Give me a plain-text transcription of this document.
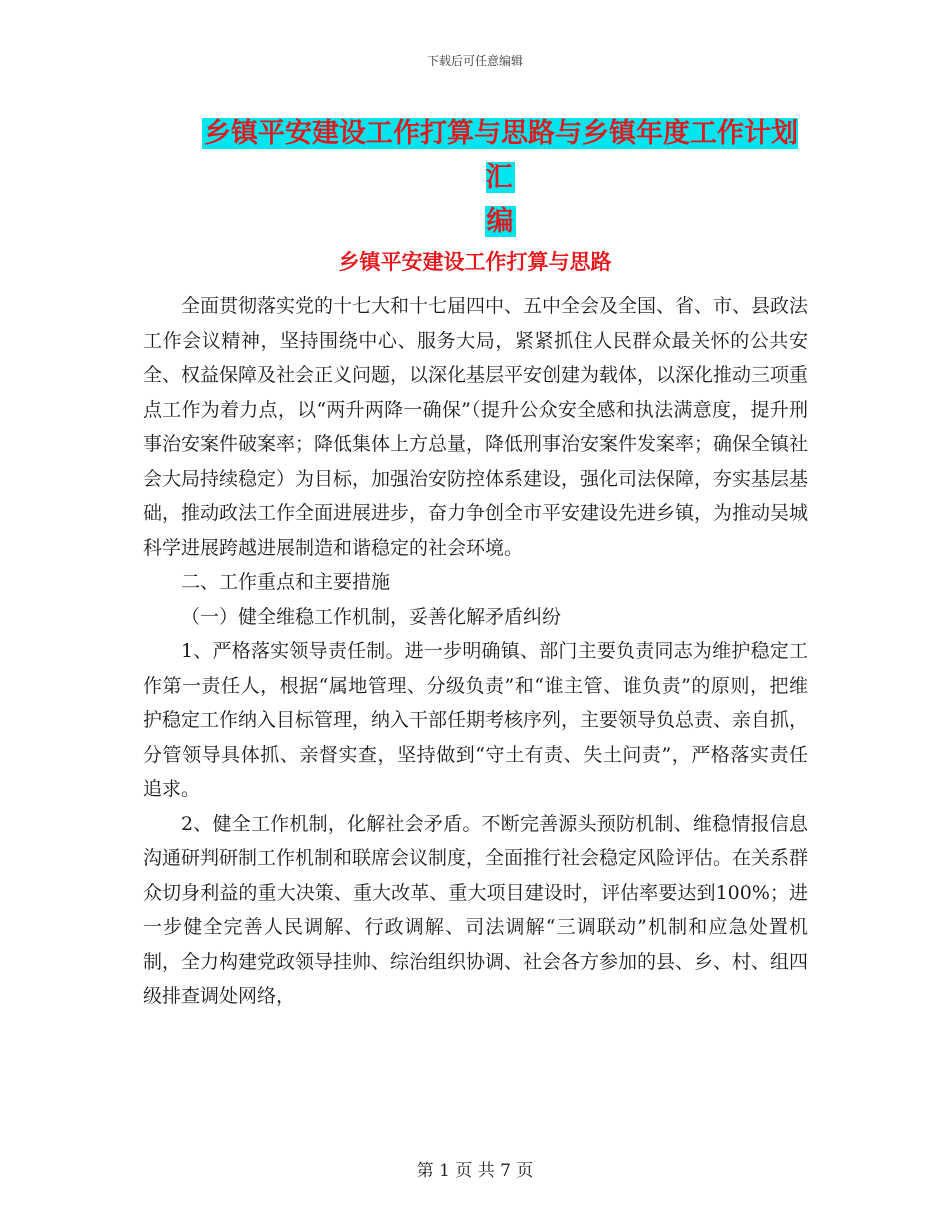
下载后可任意编辑
乡镇平安建设工作打算与思路与乡镇年度工作计划汇
编
乡镇平安建设工作打算与思路

全面贯彻落实党的十七大和十七届四中、五中全会及全国、省、市、县政法工作会议精神，坚持围绕中心、服务大局，紧紧抓住人民群众最关怀的公共安全、权益保障及社会正义问题，以深化基层平安创建为载体，以深化推动三项重点工作为着力点，以“两升两降一确保”（提升公众安全感和执法满意度，提升刑事治安案件破案率；降低集体上方总量，降低刑事治安案件发案率；确保全镇社会大局持续稳定）为目标，加强治安防控体系建设，强化司法保障，夯实基层基础，推动政法工作全面进展进步，奋力争创全市平安建设先进乡镇，为推动吴城科学进展跨越进展制造和谐稳定的社会环境。

二、工作重点和主要措施

（一）健全维稳工作机制，妥善化解矛盾纠纷

1、严格落实领导责任制。进一步明确镇、部门主要负责同志为维护稳定工作第一责任人，根据“属地管理、分级负责”和“谁主管、谁负责”的原则，把维护稳定工作纳入目标管理，纳入干部任期考核序列，主要领导负总责、亲自抓，分管领导具体抓、亲督实查，坚持做到“守土有责、失土问责”，严格落实责任追求。

2、健全工作机制，化解社会矛盾。不断完善源头预防机制、维稳情报信息沟通研判研制工作机制和联席会议制度，全面推行社会稳定风险评估。在关系群众切身利益的重大决策、重大改革、重大项目建设时，评估率要达到100%；进一步健全完善人民调解、行政调解、司法调解“三调联动”机制和应急处置机制，全力构建党政领导挂帅、综治组织协调、社会各方参加的县、乡、村、组四级排查调处网络，

第 1 页 共 7 页
